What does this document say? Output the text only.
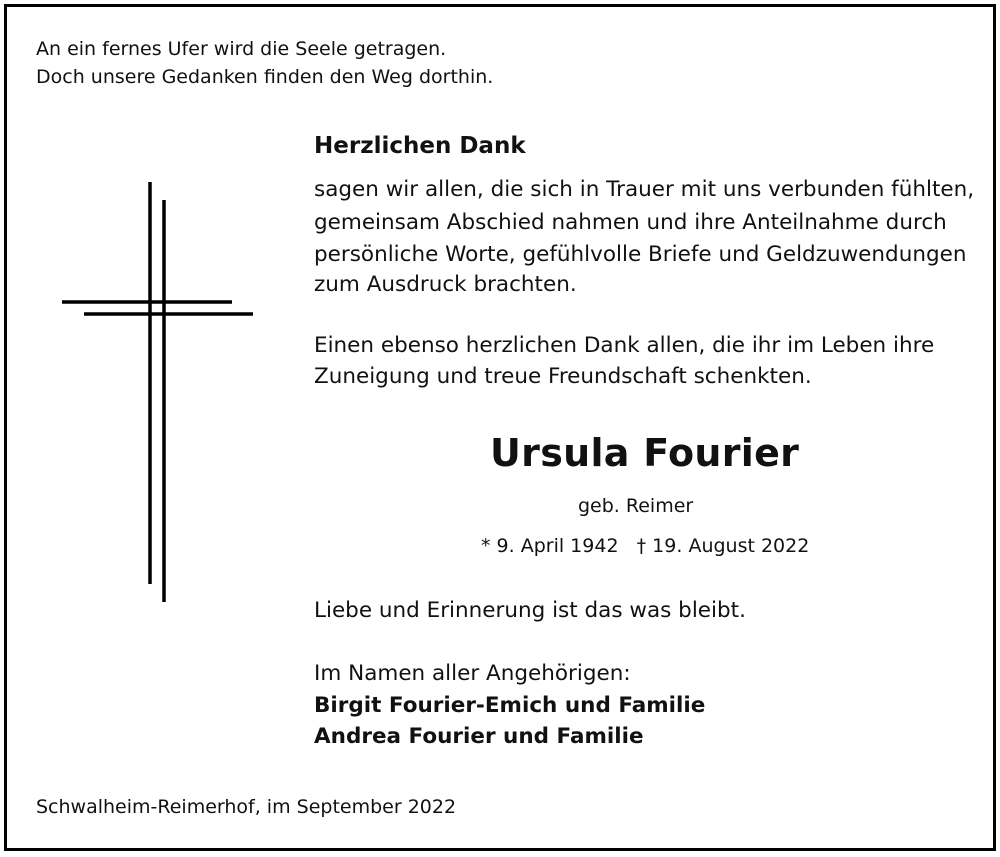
An ein fernes Ufer wird die Seele getragen.
Doch unsere Gedanken finden den Weg dorthin.
Herzlichen Dank
sagen wir allen, die sich in Trauer mit uns verbunden fühlten,
gemeinsam Abschied nahmen und ihre Anteilnahme durch
persönliche Worte, gefühlvolle Briefe und Geldzuwendungen
zum Ausdruck brachten.
Einen ebenso herzlichen Dank allen, die ihr im Leben ihre
Zuneigung und treue Freundschaft schenkten.
Ursula Fourier
geb. Reimer
* 9. April 1942   † 19. August 2022
Liebe und Erinnerung ist das was bleibt.
Im Namen aller Angehörigen:
Birgit Fourier-Emich und Familie
Andrea Fourier und Familie
Schwalheim-Reimerhof, im September 2022
